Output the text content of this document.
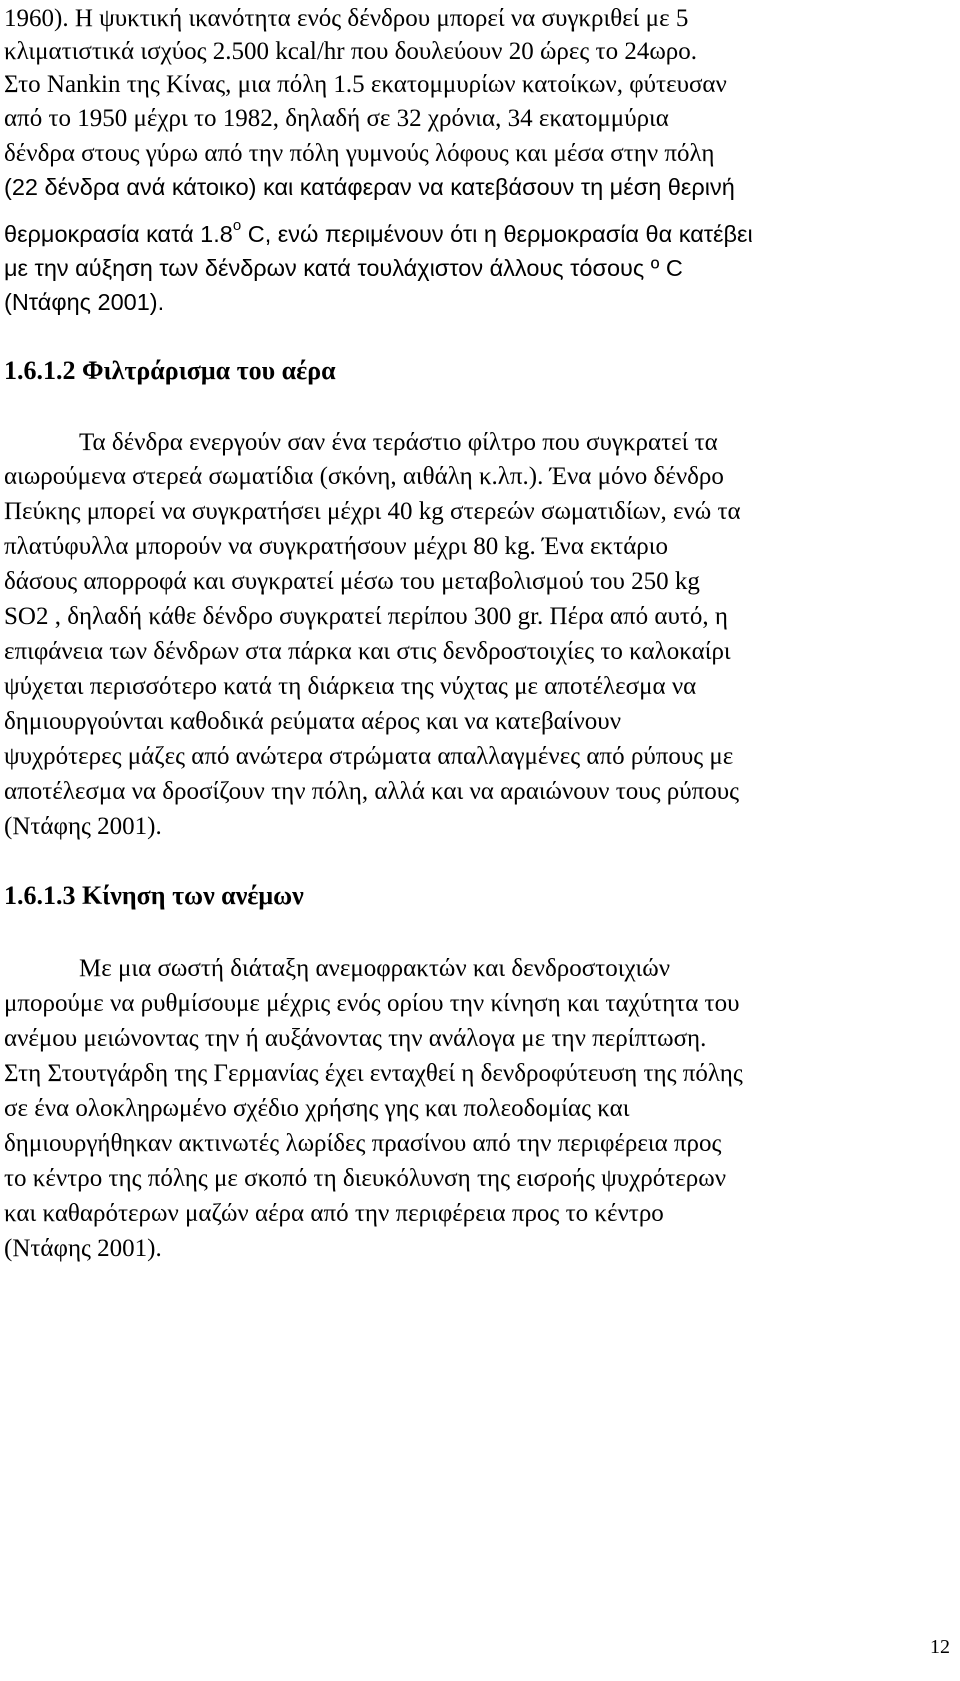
1960). Η ψυκτική ικανότητα ενός δένδρου μπορεί να συγκριθεί με 5
κλιματιστικά ισχύος 2.500 kcal/hr που δουλεύουν 20 ώρες το 24ωρο.
Στο Nankin της Κίνας, μια πόλη 1.5 εκατομμυρίων κατοίκων, φύτευσαν
από το 1950 μέχρι το 1982, δηλαδή σε 32 χρόνια, 34 εκατομμύρια
δένδρα στους γύρω από την πόλη γυμνούς λόφους και μέσα στην πόλη
(22 δένδρα ανά κάτοικο) και κατάφεραν να κατεβάσουν τη μέση θερινή
θερμοκρασία κατά $1.8^o$ C, ενώ περιμένουν ότι η θερμοκρασία θα κατέβει
με την αύξηση των δένδρων κατά τουλάχιστον άλλους τόσους º C
(Ντάφης 2001).
1.6.1.2 Φιλτράρισμα του αέρα
Τα δένδρα ενεργούν σαν ένα τεράστιο φίλτρο που συγκρατεί τα
αιωρούμενα στερεά σωματίδια (σκόνη, αιθάλη κ.λπ.). Ένα μόνο δένδρο
Πεύκης μπορεί να συγκρατήσει μέχρι 40 kg στερεών σωματιδίων, ενώ τα
πλατύφυλλα μπορούν να συγκρατήσουν μέχρι 80 kg. Ένα εκτάριο
δάσους απορροφά και συγκρατεί μέσω του μεταβολισμού του 250 kg
SO2 , δηλαδή κάθε δένδρο συγκρατεί περίπου 300 gr. Πέρα από αυτό, η
επιφάνεια των δένδρων στα πάρκα και στις δενδροστοιχίες το καλοκαίρι
ψύχεται περισσότερο κατά τη διάρκεια της νύχτας με αποτέλεσμα να
δημιουργούνται καθοδικά ρεύματα αέρος και να κατεβαίνουν
ψυχρότερες μάζες από ανώτερα στρώματα απαλλαγμένες από ρύπους με
αποτέλεσμα να δροσίζουν την πόλη, αλλά και να αραιώνουν τους ρύπους
(Ντάφης 2001).
1.6.1.3 Κίνηση των ανέμων
Με μια σωστή διάταξη ανεμοφρακτών και δενδροστοιχιών
μπορούμε να ρυθμίσουμε μέχρις ενός ορίου την κίνηση και ταχύτητα του
ανέμου μειώνοντας την ή αυξάνοντας την ανάλογα με την περίπτωση.
Στη Στουτγάρδη της Γερμανίας έχει ενταχθεί η δενδροφύτευση της πόλης
σε ένα ολοκληρωμένο σχέδιο χρήσης γης και πολεοδομίας και
δημιουργήθηκαν ακτινωτές λωρίδες πρασίνου από την περιφέρεια προς
το κέντρο της πόλης με σκοπό τη διευκόλυνση της εισροής ψυχρότερων
και καθαρότερων μαζών αέρα από την περιφέρεια προς το κέντρο
(Ντάφης 2001).
12
